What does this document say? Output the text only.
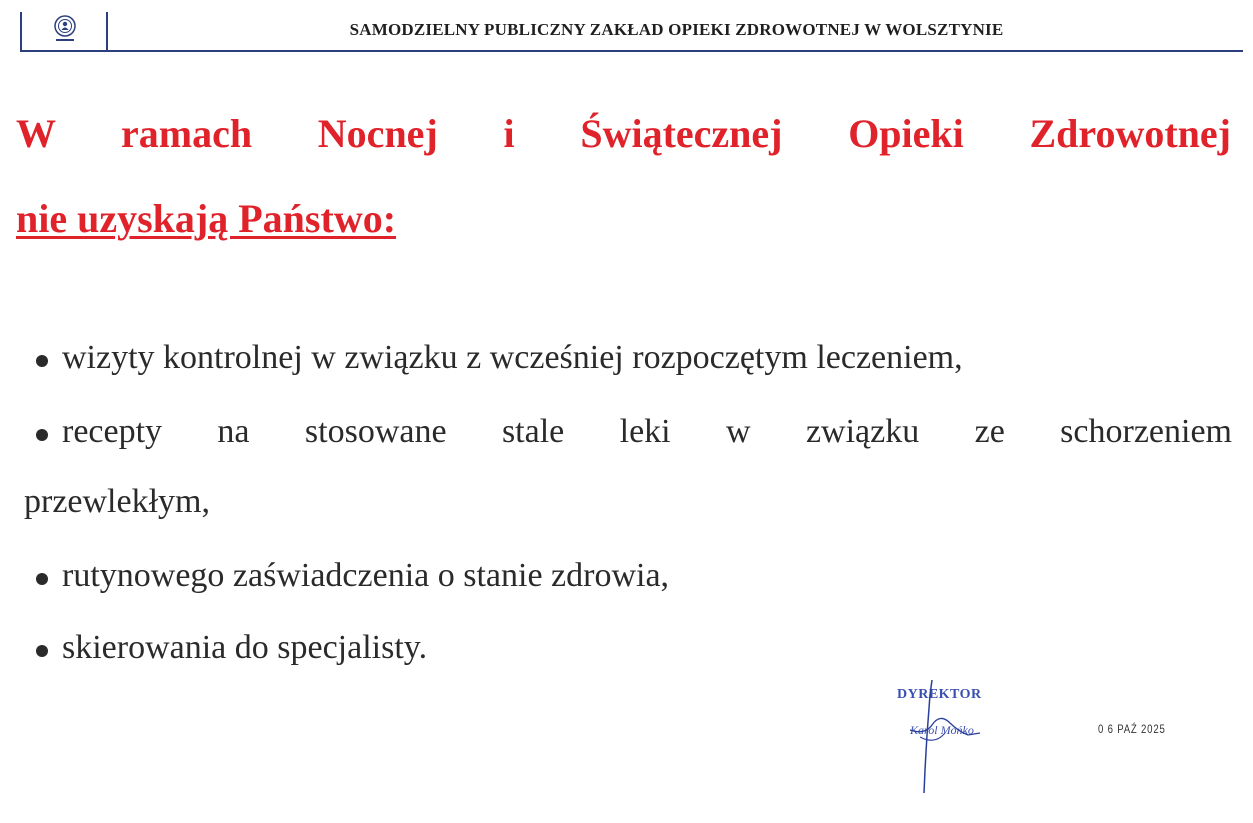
SAMODZIELNY PUBLICZNY ZAKŁAD OPIEKI ZDROWOTNEJ W WOLSZTYNIE
W ramach Nocnej i Świątecznej Opieki Zdrowotnej
nie uzyskają Państwo:
wizyty kontrolnej w związku z wcześniej rozpoczętym leczeniem,
recepty na stosowane stale leki w związku ze schorzeniem
przewlekłym,
rutynowego zaświadczenia o stanie zdrowia,
skierowania do specjalisty.
DYREKTOR
Karol Mońko	0 6 PAŹ 2025
